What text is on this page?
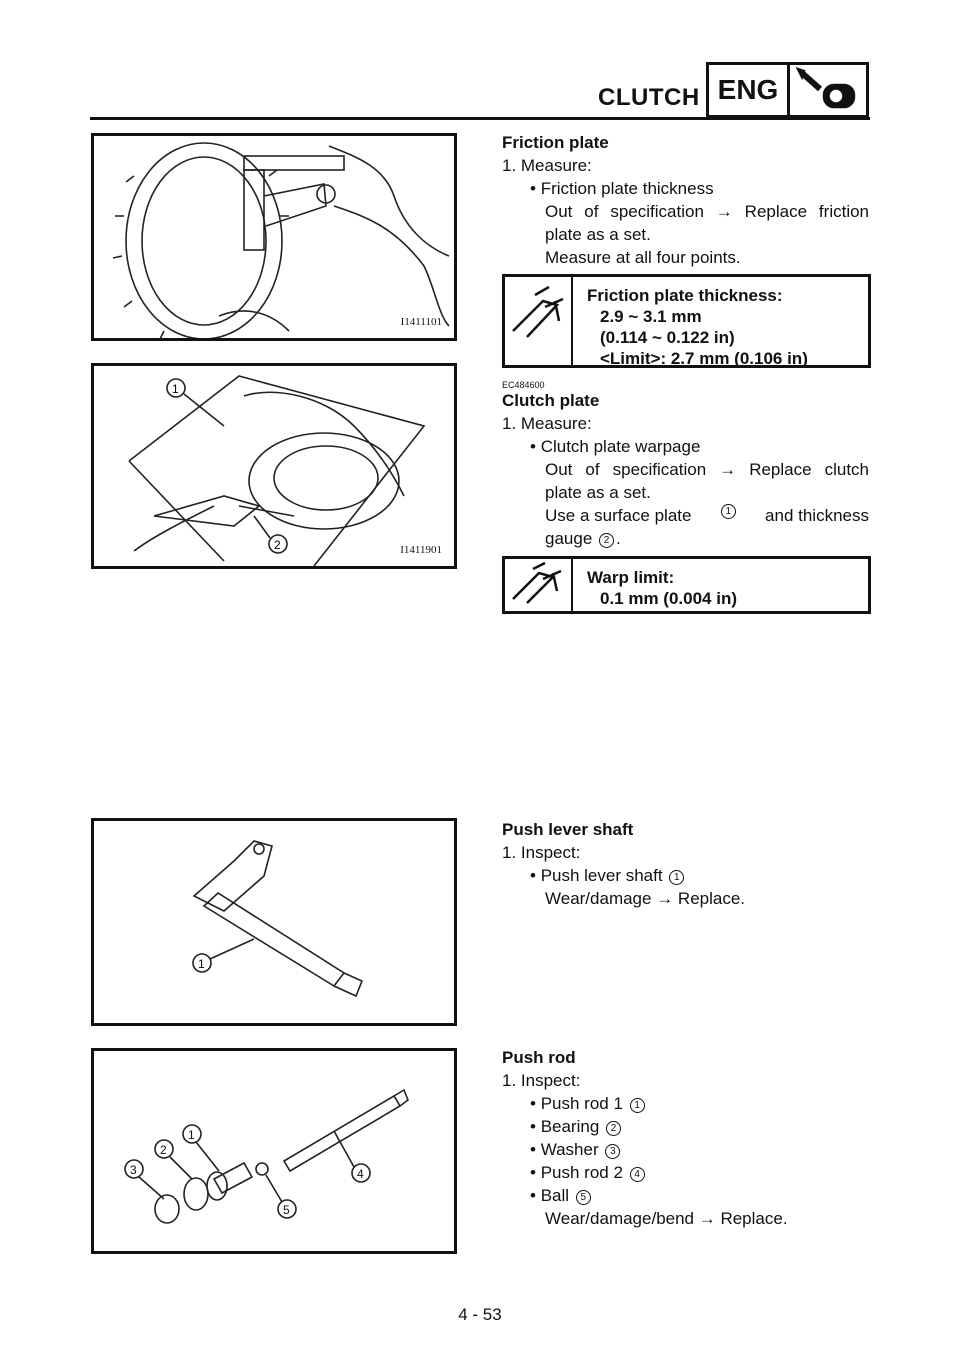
CLUTCH ENG
I1411101
1
2	I1411901
1
1
2
3	4
5
Friction plate
1. Measure:
• Friction plate thickness
Out of specification → Replace friction
plate as a set.
Measure at all four points.
Friction plate thickness:
2.9 ~ 3.1 mm
(0.114 ~ 0.122 in)
<Limit>: 2.7 mm (0.106 in)
EC484600
Clutch plate
1. Measure:
• Clutch plate warpage
Out of specification → Replace clutch
plate as a set.
Use a surface plate	1 and thickness
gauge 2 .
Warp limit:
0.1 mm (0.004 in)
Push lever shaft
1. Inspect:
• Push lever shaft 1
Wear/damage → Replace.
Push rod
1. Inspect:
• Push rod 1 1
• Bearing 2
• Washer 3
• Push rod 2 4
• Ball 5
Wear/damage/bend → Replace.
4 - 53
